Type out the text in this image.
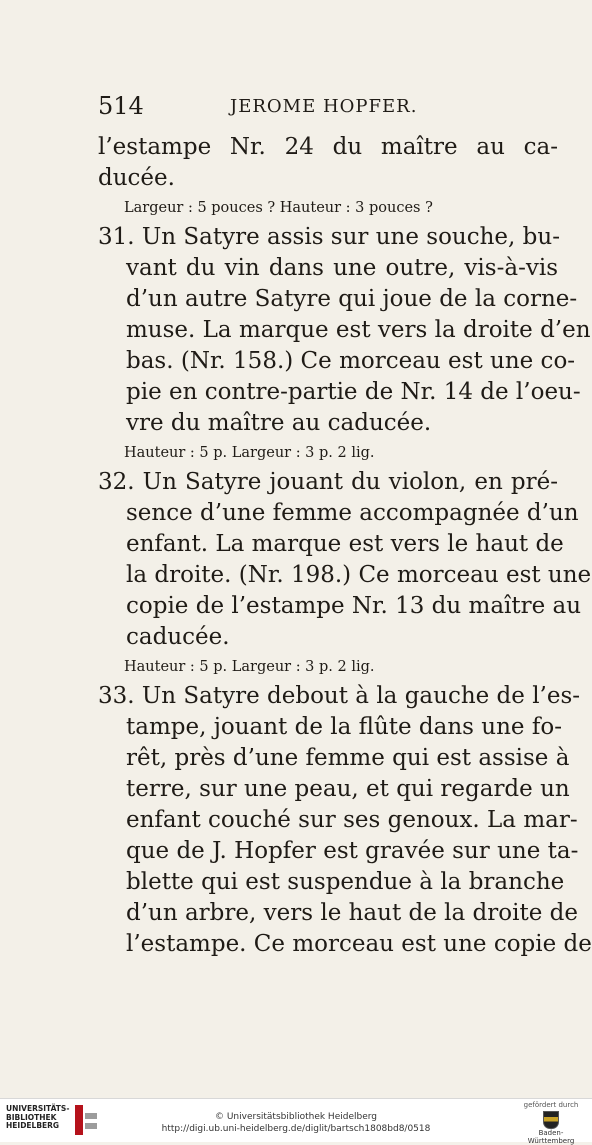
514	JEROME HOPFER.
l’estampe Nr. 24 du maître au ca-
ducée.
Largeur : 5 pouces ? Hauteur : 3 pouces ?
31. Un Satyre assis sur une souche, bu-
vant du vin dans une outre, vis-à-vis
d’un autre Satyre qui joue de la corne-
muse. La marque est vers la droite d’en
bas. (Nr. 158.) Ce morceau est une co-
pie en contre-partie de Nr. 14 de l’oeu-
vre du maître au caducée.
Hauteur : 5 p. Largeur : 3 p. 2 lig.
32. Un Satyre jouant du violon, en pré-
sence d’une femme accompagnée d’un
enfant. La marque est vers le haut de
la droite. (Nr. 198.) Ce morceau est une
copie de l’estampe Nr. 13 du maître au
caducée.
Hauteur : 5 p. Largeur : 3 p. 2 lig.
33. Un Satyre debout à la gauche de l’es-
tampe, jouant de la flûte dans une fo-
rêt, près d’une femme qui est assise à
terre, sur une peau, et qui regarde un
enfant couché sur ses genoux. La mar-
que de J. Hopfer est gravée sur une ta-
blette qui est suspendue à la branche
d’un arbre, vers le haut de la droite de
l’estampe. Ce morceau est une copie de
UNIVERSITÄTS-
BIBLIOTHEK
HEIDELBERG
© Universitätsbibliothek Heidelberg
http://digi.ub.uni-heidelberg.de/diglit/bartsch1808bd8/0518
gefördert durch
Baden-Württemberg
